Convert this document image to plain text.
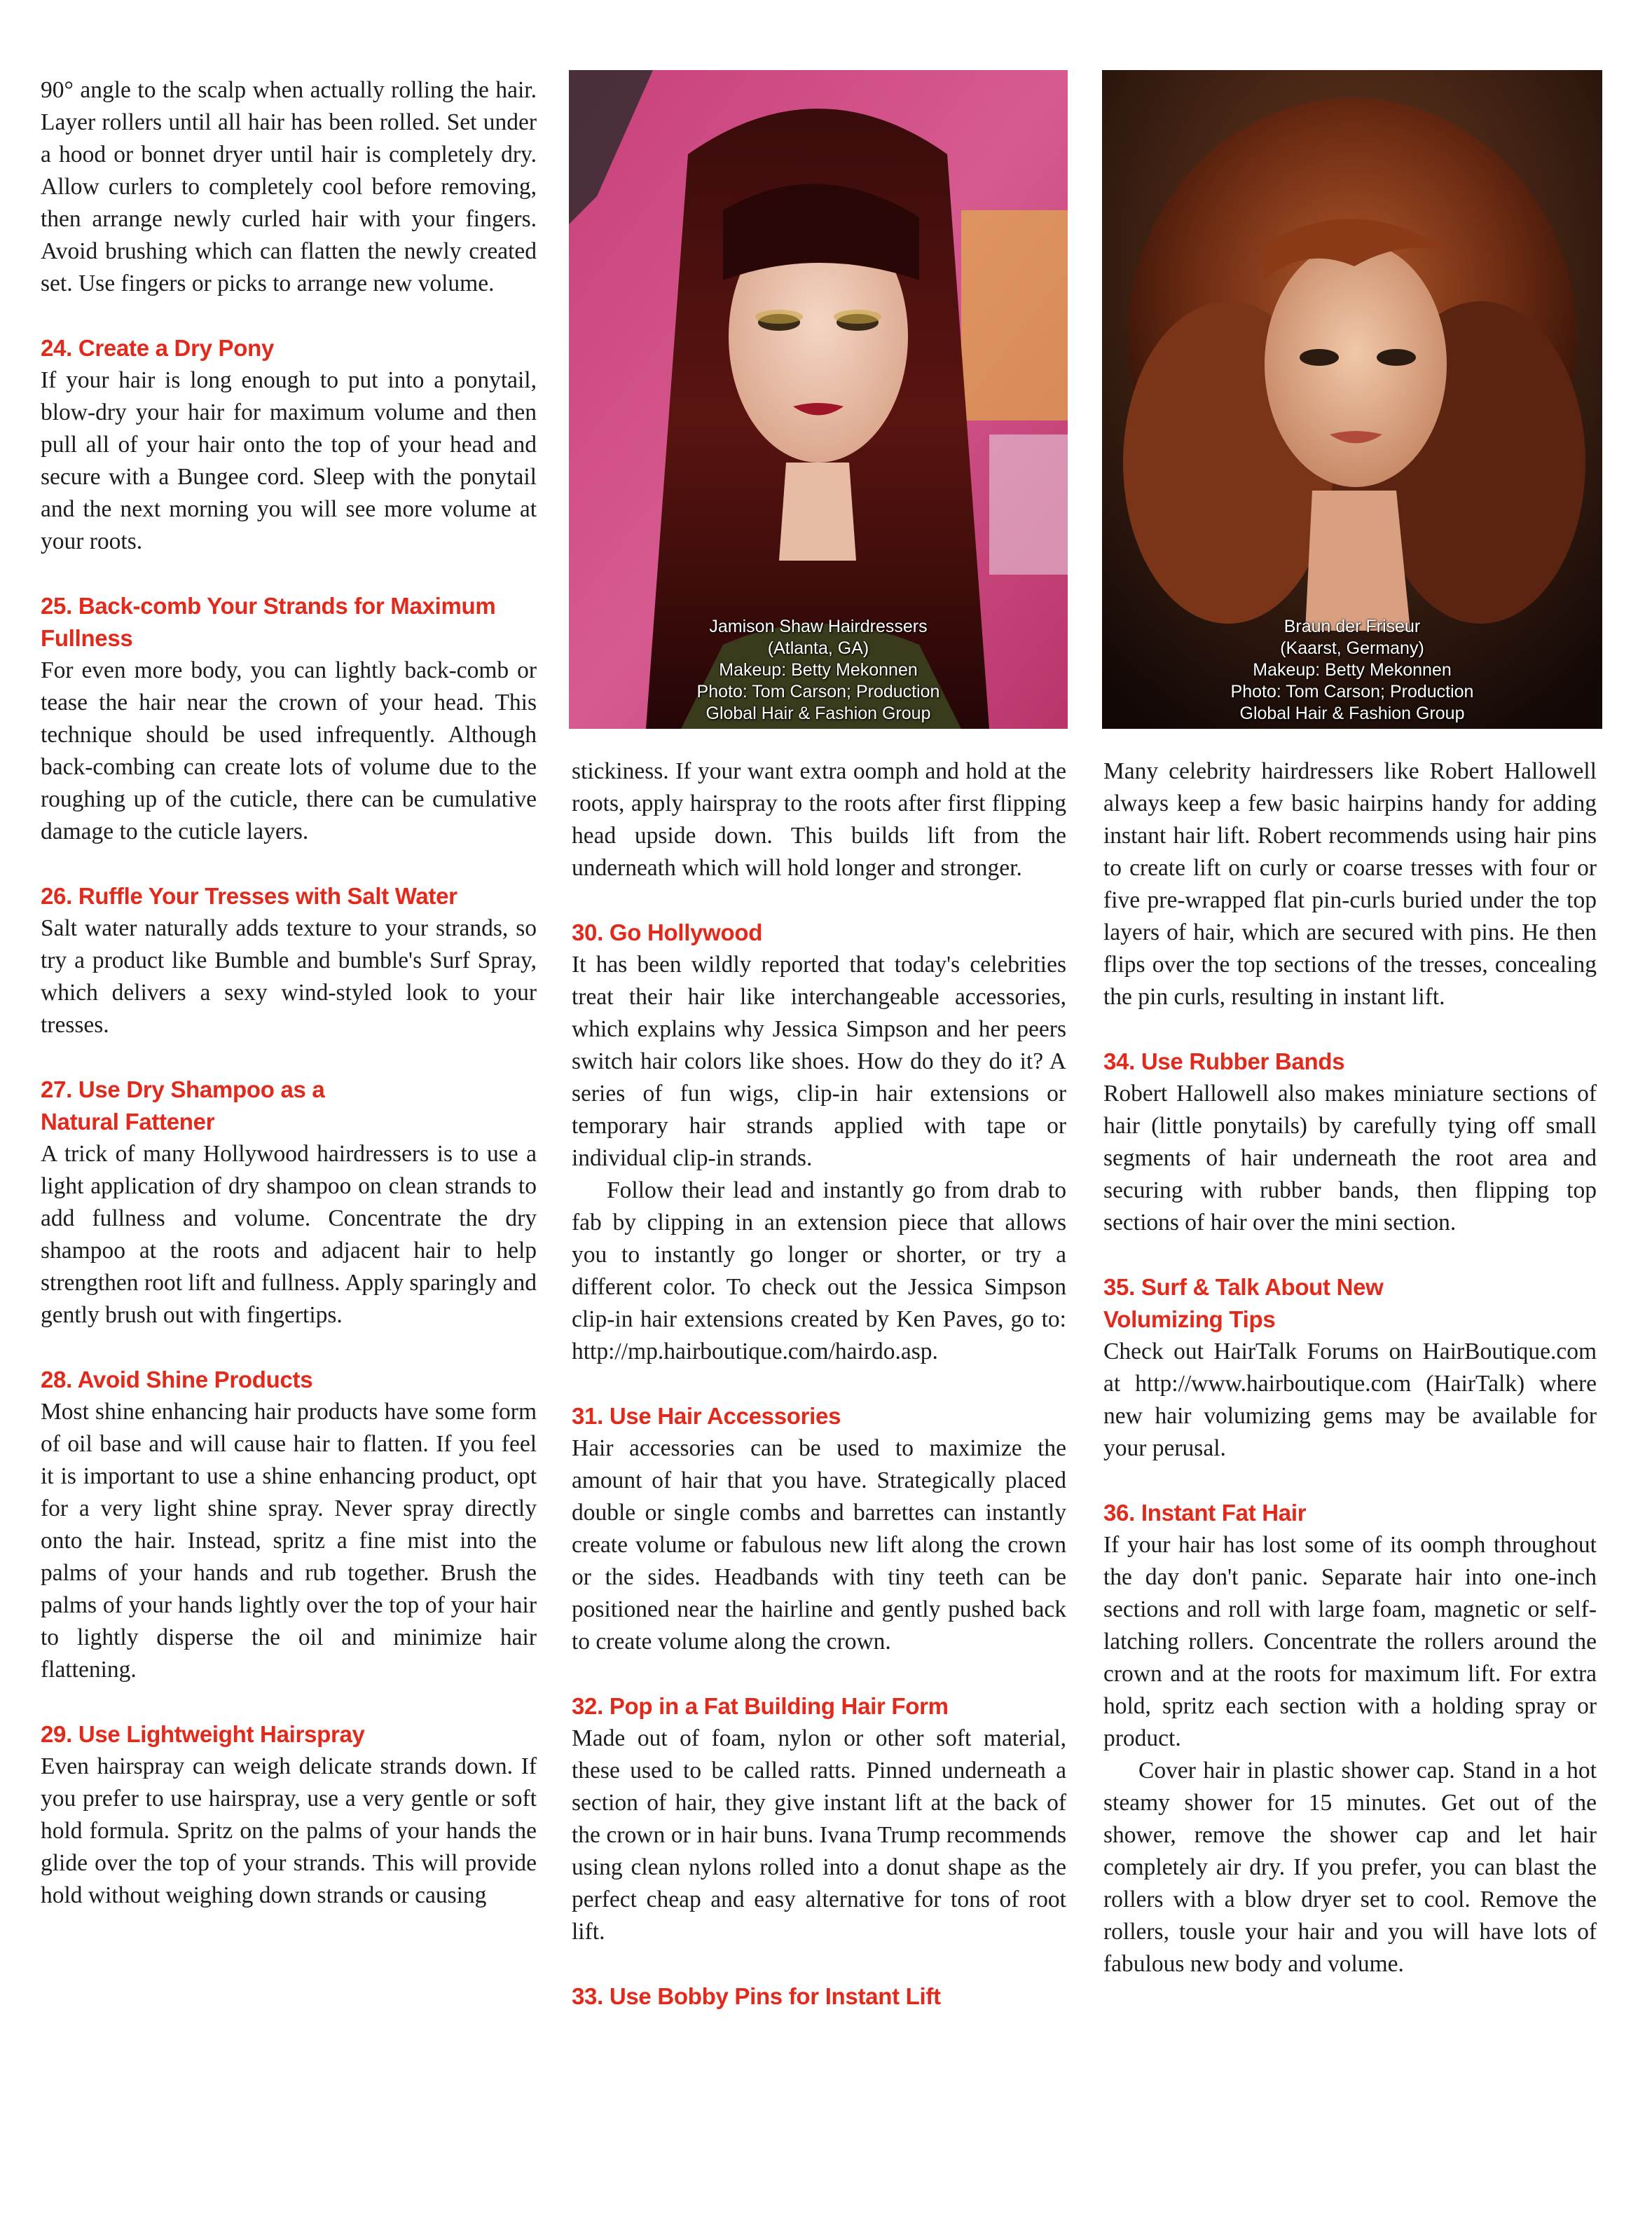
Jamison Shaw Hairdressers
(Atlanta, GA)
Makeup: Betty Mekonnen
Photo: Tom Carson; Production
Global Hair & Fashion Group
Braun der Friseur
(Kaarst, Germany)
Makeup: Betty Mekonnen
Photo: Tom Carson; Production
Global Hair & Fashion Group

90° angle to the scalp when actually rolling the hair. Layer rollers until all hair has been rolled. Set under a hood or bonnet dryer until hair is completely dry. Allow curlers to completely cool before removing, then arrange newly curled hair with your fingers. Avoid brushing which can flatten the newly created set. Use fingers or picks to arrange new volume.

24. Create a Dry Pony

If your hair is long enough to put into a ponytail, blow-dry your hair for maximum volume and then pull all of your hair onto the top of your head and secure with a Bungee cord. Sleep with the ponytail and the next morning you will see more volume at your roots.

25. Back-comb Your Strands for Maximum
Fullness

For even more body, you can lightly back-comb or tease the hair near the crown of your head. This technique should be used infrequently. Although back-combing can create lots of volume due to the roughing up of the cuticle, there can be cumulative damage to the cuticle layers.

26. Ruffle Your Tresses with Salt Water

Salt water naturally adds texture to your strands, so try a product like Bumble and bumble's Surf Spray, which delivers a sexy wind-styled look to your tresses.

27. Use Dry Shampoo as a
Natural Fattener

A trick of many Hollywood hairdressers is to use a light application of dry shampoo on clean strands to add fullness and volume. Concentrate the dry shampoo at the roots and adjacent hair to help strengthen root lift and fullness. Apply sparingly and gently brush out with fingertips.

28. Avoid Shine Products

Most shine enhancing hair products have some form of oil base and will cause hair to flatten. If you feel it is important to use a shine enhancing product, opt for a very light shine spray. Never spray directly onto the hair. Instead, spritz a fine mist into the palms of your hands and rub together. Brush the palms of your hands lightly over the top of your hair to lightly disperse the oil and minimize hair flattening.

29. Use Lightweight Hairspray

Even hairspray can weigh delicate strands down. If you prefer to use hairspray, use a very gentle or soft hold formula. Spritz on the palms of your hands the glide over the top of your strands. This will provide hold without weighing down strands or causing

stickiness. If your want extra oomph and hold at the roots, apply hairspray to the roots after first flipping head upside down. This builds lift from the underneath which will hold longer and stronger.

30. Go Hollywood

It has been wildly reported that today's celebrities treat their hair like interchangeable accessories, which explains why Jessica Simpson and her peers switch hair colors like shoes. How do they do it? A series of fun wigs, clip-in hair extensions or temporary hair strands applied with tape or individual clip-in strands.

Follow their lead and instantly go from drab to fab by clipping in an extension piece that allows you to instantly go longer or shorter, or try a different color. To check out the Jessica Simpson clip-in hair extensions created by Ken Paves, go to: http://mp.hairboutique.com/hairdo.asp.

31. Use Hair Accessories

Hair accessories can be used to maximize the amount of hair that you have. Strategically placed double or single combs and barrettes can instantly create volume or fabulous new lift along the crown or the sides. Headbands with tiny teeth can be positioned near the hairline and gently pushed back to create volume along the crown.

32. Pop in a Fat Building Hair Form

Made out of foam, nylon or other soft material, these used to be called ratts. Pinned underneath a section of hair, they give instant lift at the back of the crown or in hair buns. Ivana Trump recommends using clean nylons rolled into a donut shape as the perfect cheap and easy alternative for tons of root lift.

33. Use Bobby Pins for Instant Lift

Many celebrity hairdressers like Robert Hallowell always keep a few basic hairpins handy for adding instant hair lift. Robert recommends using hair pins to create lift on curly or coarse tresses with four or five pre-wrapped flat pin-curls buried under the top layers of hair, which are secured with pins. He then flips over the top sections of the tresses, concealing the pin curls, resulting in instant lift.

34. Use Rubber Bands

Robert Hallowell also makes miniature sections of hair (little ponytails) by carefully tying off small segments of hair underneath the root area and securing with rubber bands, then flipping top sections of hair over the mini section.

35. Surf & Talk About New
Volumizing Tips

Check out HairTalk Forums on HairBoutique.com at http://www.hairboutique.com (HairTalk) where new hair volumizing gems may be available for your perusal.

36. Instant Fat Hair

If your hair has lost some of its oomph throughout the day don't panic. Separate hair into one-inch sections and roll with large foam, magnetic or self-latching rollers. Concentrate the rollers around the crown and at the roots for maximum lift. For extra hold, spritz each section with a holding spray or product.

Cover hair in plastic shower cap. Stand in a hot steamy shower for 15 minutes. Get out of the shower, remove the shower cap and let hair completely air dry. If you prefer, you can blast the rollers with a blow dryer set to cool. Remove the rollers, tousle your hair and you will have lots of fabulous new body and volume.
